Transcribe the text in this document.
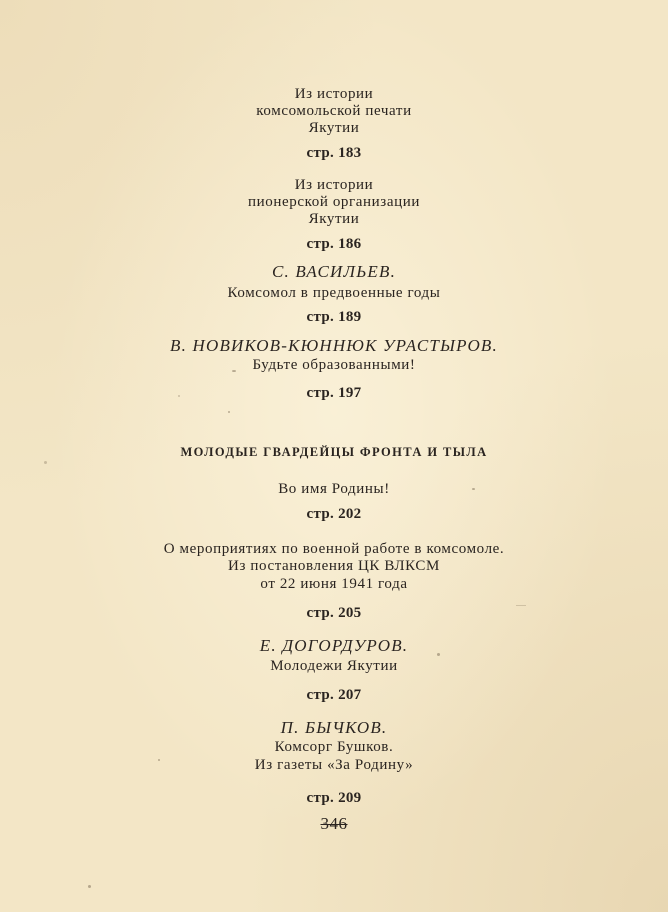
Из истории
комсомольской печати
Якутии
стр. 183
Из истории
пионерской организации
Якутии
стр. 186
С. ВАСИЛЬЕВ.
Комсомол в предвоенные годы
стр. 189
В. НОВИКОВ-КЮННЮК УРАСТЫРОВ.
Будьте образованными!
стр. 197
МОЛОДЫЕ ГВАРДЕЙЦЫ ФРОНТА И ТЫЛА
Во имя Родины!
стр. 202
О мероприятиях по военной работе в комсомоле.
Из постановления ЦК ВЛКСМ
от 22 июня 1941 года
стр. 205
Е. ДОГОРДУРОВ.
Молодежи Якутии
стр. 207
П. БЫЧКОВ.
Комсорг Бушков.
Из газеты «За Родину»
стр. 209
346
